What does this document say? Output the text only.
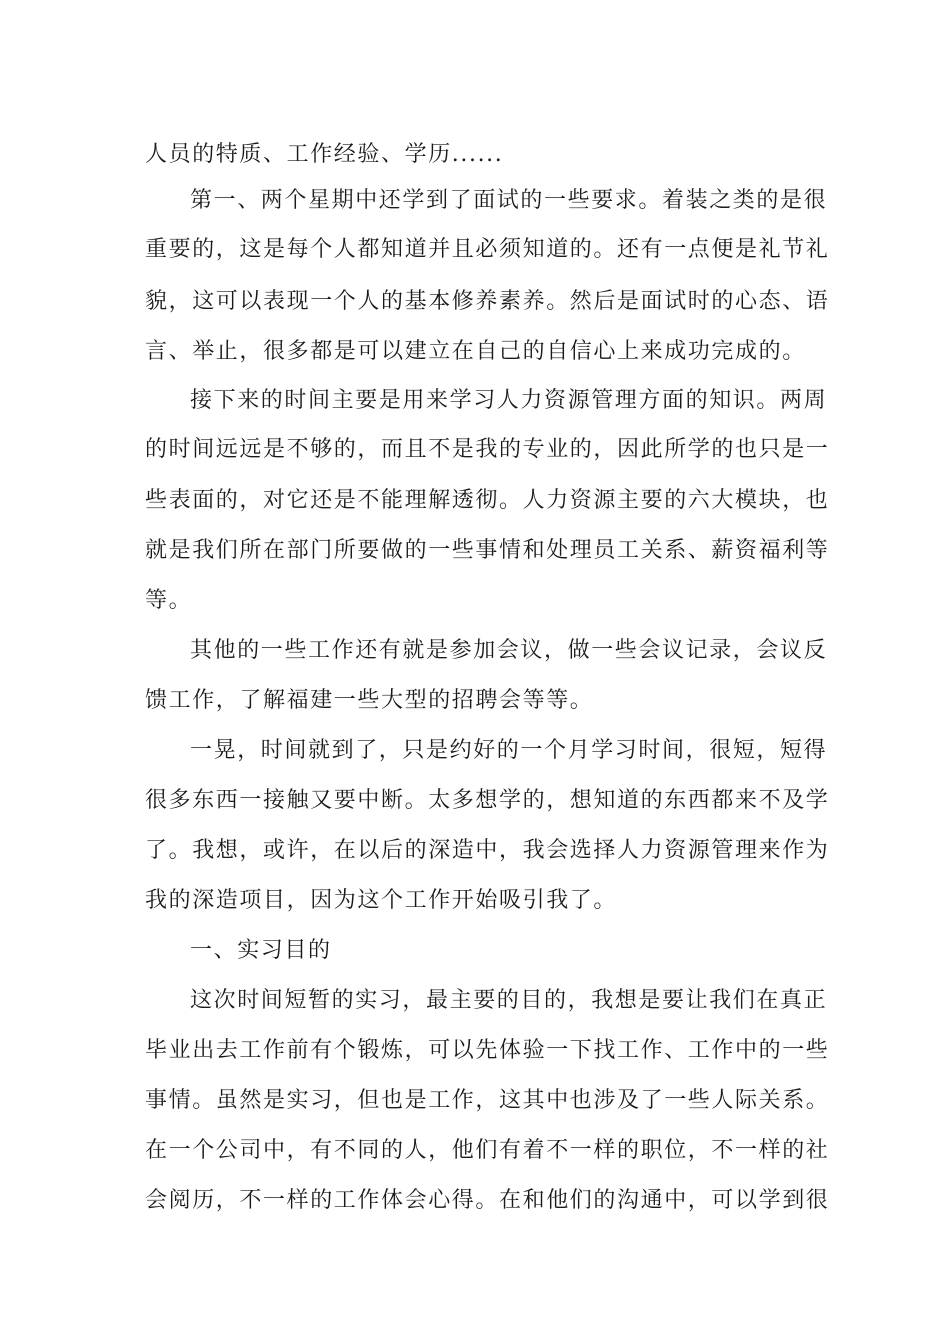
人员的特质、工作经验、学历......
第一、两个星期中还学到了面试的一些要求。着装之类的是很
重要的，这是每个人都知道并且必须知道的。还有一点便是礼节礼
貌，这可以表现一个人的基本修养素养。然后是面试时的心态、语
言、举止，很多都是可以建立在自己的自信心上来成功完成的。
接下来的时间主要是用来学习人力资源管理方面的知识。两周
的时间远远是不够的，而且不是我的专业的，因此所学的也只是一
些表面的，对它还是不能理解透彻。人力资源主要的六大模块，也
就是我们所在部门所要做的一些事情和处理员工关系、薪资福利等
等。
其他的一些工作还有就是参加会议，做一些会议记录，会议反
馈工作，了解福建一些大型的招聘会等等。
一晃，时间就到了，只是约好的一个月学习时间，很短，短得
很多东西一接触又要中断。太多想学的，想知道的东西都来不及学
了。我想，或许，在以后的深造中，我会选择人力资源管理来作为
我的深造项目，因为这个工作开始吸引我了。
一、实习目的
这次时间短暂的实习，最主要的目的，我想是要让我们在真正
毕业出去工作前有个锻炼，可以先体验一下找工作、工作中的一些
事情。虽然是实习，但也是工作，这其中也涉及了一些人际关系。
在一个公司中，有不同的人，他们有着不一样的职位，不一样的社
会阅历，不一样的工作体会心得。在和他们的沟通中，可以学到很
